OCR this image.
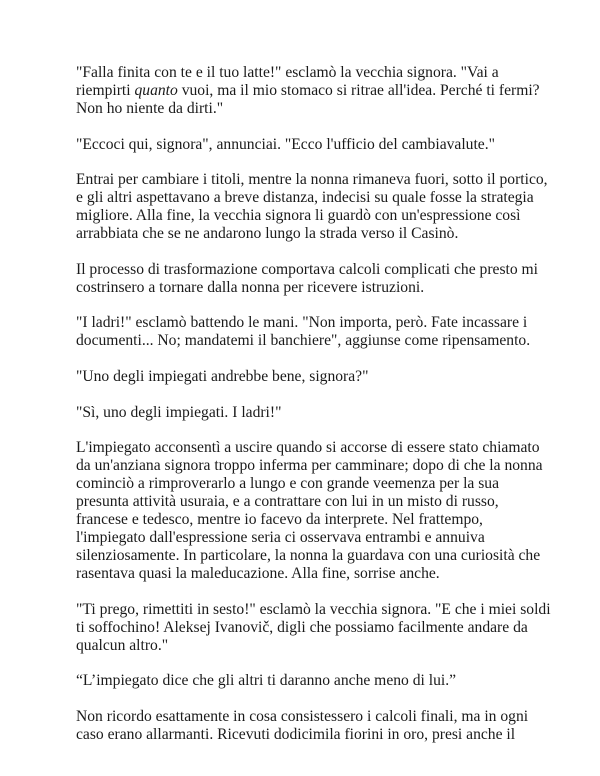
"Falla finita con te e il tuo latte!" esclamò la vecchia signora. "Vai a
riempirti quanto vuoi, ma il mio stomaco si ritrae all'idea. Perché ti fermi?
Non ho niente da dirti."

"Eccoci qui, signora", annunciai. "Ecco l'ufficio del cambiavalute."

Entrai per cambiare i titoli, mentre la nonna rimaneva fuori, sotto il portico,
e gli altri aspettavano a breve distanza, indecisi su quale fosse la strategia
migliore. Alla fine, la vecchia signora li guardò con un'espressione così
arrabbiata che se ne andarono lungo la strada verso il Casinò.

Il processo di trasformazione comportava calcoli complicati che presto mi
costrinsero a tornare dalla nonna per ricevere istruzioni.

"I ladri!" esclamò battendo le mani. "Non importa, però. Fate incassare i
documenti... No; mandatemi il banchiere", aggiunse come ripensamento.

"Uno degli impiegati andrebbe bene, signora?"

"Sì, uno degli impiegati. I ladri!"

L'impiegato acconsentì a uscire quando si accorse di essere stato chiamato
da un'anziana signora troppo inferma per camminare; dopo di che la nonna
cominciò a rimproverarlo a lungo e con grande veemenza per la sua
presunta attività usuraia, e a contrattare con lui in un misto di russo,
francese e tedesco, mentre io facevo da interprete. Nel frattempo,
l'impiegato dall'espressione seria ci osservava entrambi e annuiva
silenziosamente. In particolare, la nonna la guardava con una curiosità che
rasentava quasi la maleducazione. Alla fine, sorrise anche.

"Ti prego, rimettiti in sesto!" esclamò la vecchia signora. "E che i miei soldi
ti soffochino! Aleksej Ivanovič, digli che possiamo facilmente andare da
qualcun altro."

“L’impiegato dice che gli altri ti daranno anche meno di lui.”

Non ricordo esattamente in cosa consistessero i calcoli finali, ma in ogni
caso erano allarmanti. Ricevuti dodicimila fiorini in oro, presi anche il
